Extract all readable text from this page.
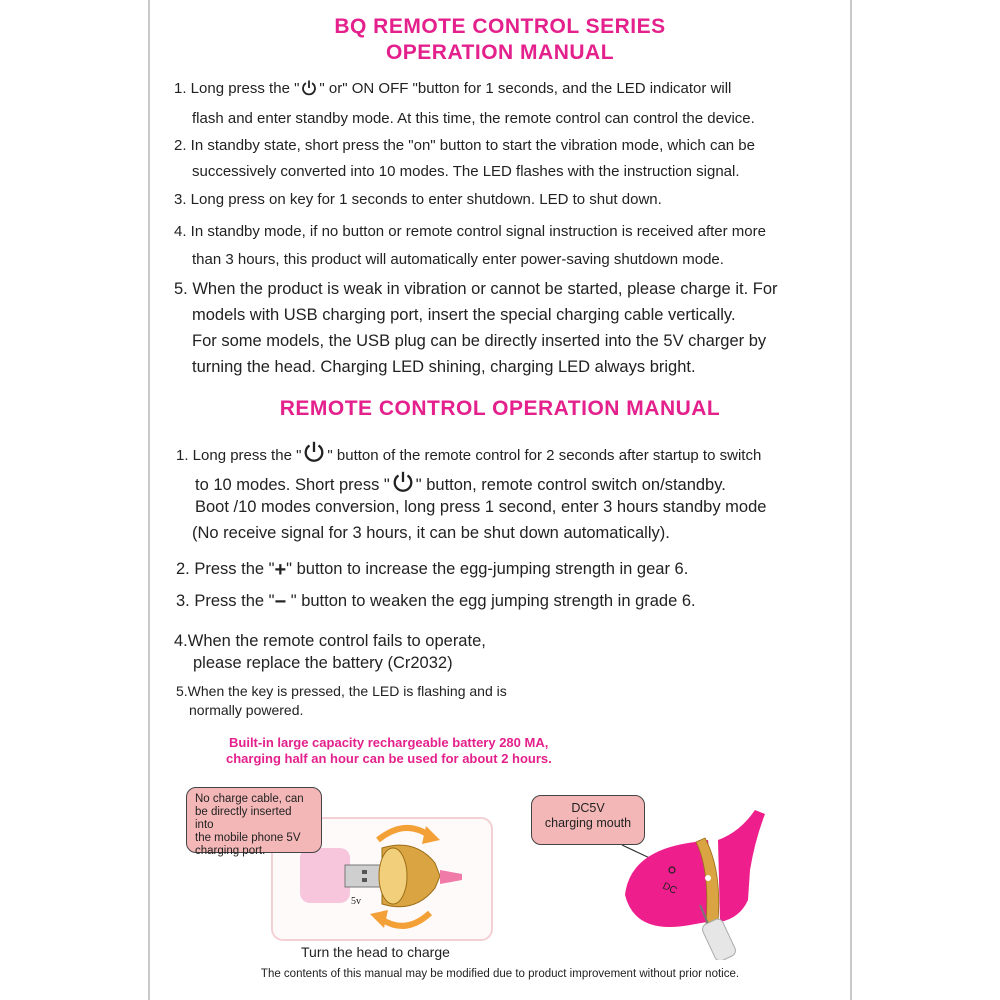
BQ REMOTE CONTROL SERIES
OPERATION MANUAL
1. Long press the " " or" ON OFF "button for 1 seconds, and the LED indicator will
flash and enter standby mode. At this time, the remote control can control the device.
2. In standby state, short press the "on" button to start the vibration mode, which can be
successively converted into 10 modes. The LED flashes with the instruction signal.
3. Long press on key for 1 seconds to enter shutdown. LED to shut down.
4. In standby mode, if no button or remote control signal instruction is received after more
than 3 hours, this product will automatically enter power-saving shutdown mode.
5. When the product is weak in vibration or cannot be started, please charge it. For
models with USB charging port, insert the special charging cable vertically.
For some models, the USB plug can be directly inserted into the 5V charger by
turning the head. Charging LED shining, charging LED always bright.
REMOTE CONTROL OPERATION MANUAL
1. Long press the " " button of the remote control for 2 seconds after startup to switch
to 10 modes. Short press " " button, remote control switch on/standby.
Boot /10 modes conversion, long press 1 second, enter 3 hours standby mode
(No receive signal for 3 hours, it can be shut down automatically).
2. Press the "+" button to increase the egg-jumping strength in gear 6.
3. Press the "− " button to weaken the egg jumping strength in grade 6.
4.When the remote control fails to operate,
please replace the battery (Cr2032)
5.When the key is pressed, the LED is flashing and is
normally powered.
Built-in large capacity rechargeable battery 280 MA,
charging half an hour can be used for about 2 hours.
5v
No charge cable, can
be directly inserted into
the mobile phone 5V
charging port.
Turn the head to charge
DC
DC5V
charging mouth
The contents of this manual may be modified due to product improvement without prior notice.
